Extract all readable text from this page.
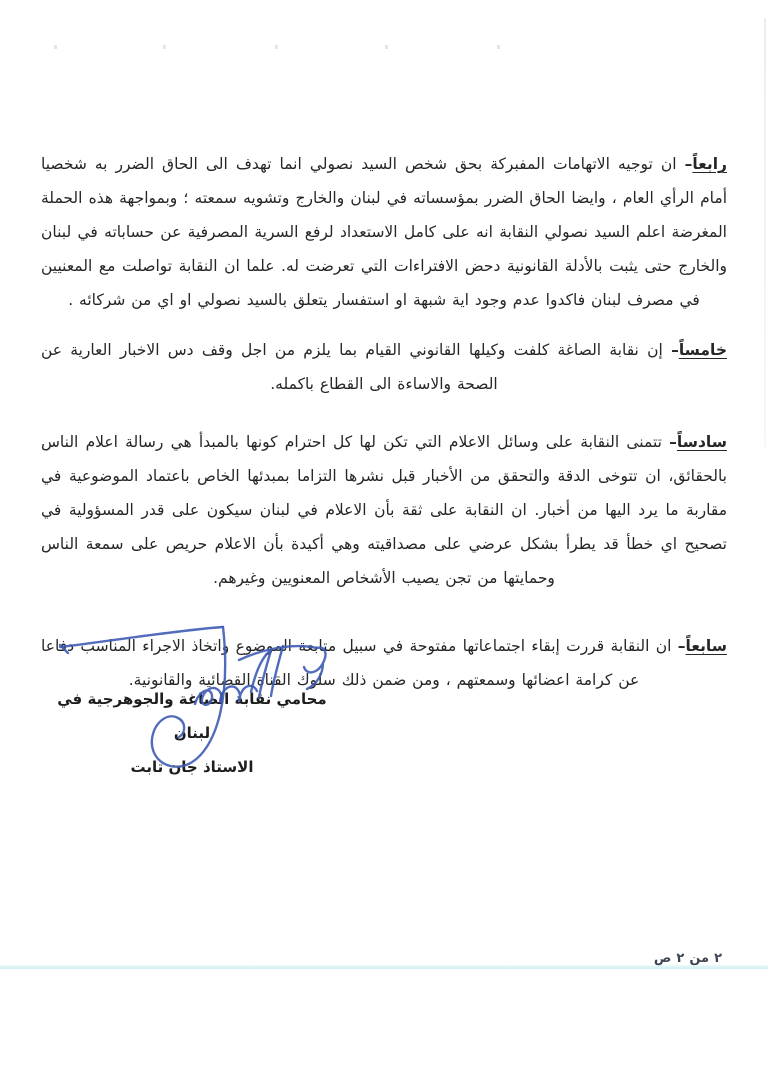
رابعاً– ان توجيه الاتهامات المفبركة بحق شخص السيد نصولي انما تهدف الى الحاق الضرر به شخصيا أمام الرأي العام ، وايضا الحاق الضرر بمؤسساته في لبنان والخارج وتشويه سمعته ؛ وبمواجهة هذه الحملة المغرضة اعلم السيد نصولي النقابة انه على كامل الاستعداد لرفع السرية المصرفية عن حساباته في لبنان والخارج حتى يثبت بالأدلة القانونية دحض الافتراءات التي تعرضت له. علما ان النقابة تواصلت مع المعنيين في مصرف لبنان فاكدوا عدم وجود اية شبهة او استفسار يتعلق بالسيد نصولي او اي من شركائه .

خامساً– إن نقابة الصاغة كلفت وكيلها القانوني القيام بما يلزم من اجل وقف دس الاخبار العارية عن الصحة والاساءة الى القطاع باكمله.

سادساً– تتمنى النقابة على وسائل الاعلام التي تكن لها كل احترام كونها بالمبدأ هي رسالة اعلام الناس بالحقائق، ان تتوخى الدقة والتحقق من الأخبار قبل نشرها التزاما بمبدئها الخاص باعتماد الموضوعية في مقاربة ما يرد اليها من أخبار. ان النقابة على ثقة بأن الاعلام في لبنان سيكون على قدر المسؤولية في تصحيح اي خطأ قد يطرأ بشكل عرضي على مصداقيته وهي أكيدة بأن الاعلام حريص على سمعة الناس وحمايتها من تجن يصيب الأشخاص المعنويين وغيرهم.

سابعاً– ان النقابة قررت إبقاء اجتماعاتها مفتوحة في سبيل متابعة الموضوع واتخاذ الاجراء المناسب دفاعا عن كرامة اعضائها وسمعتهم ، ومن ضمن ذلك سلوك القناة القضائية والقانونية.

محامي نقابة الصاغة والجوهرجية في لبنان
الاستاذ جان تابت
ص ٢ من ٢
